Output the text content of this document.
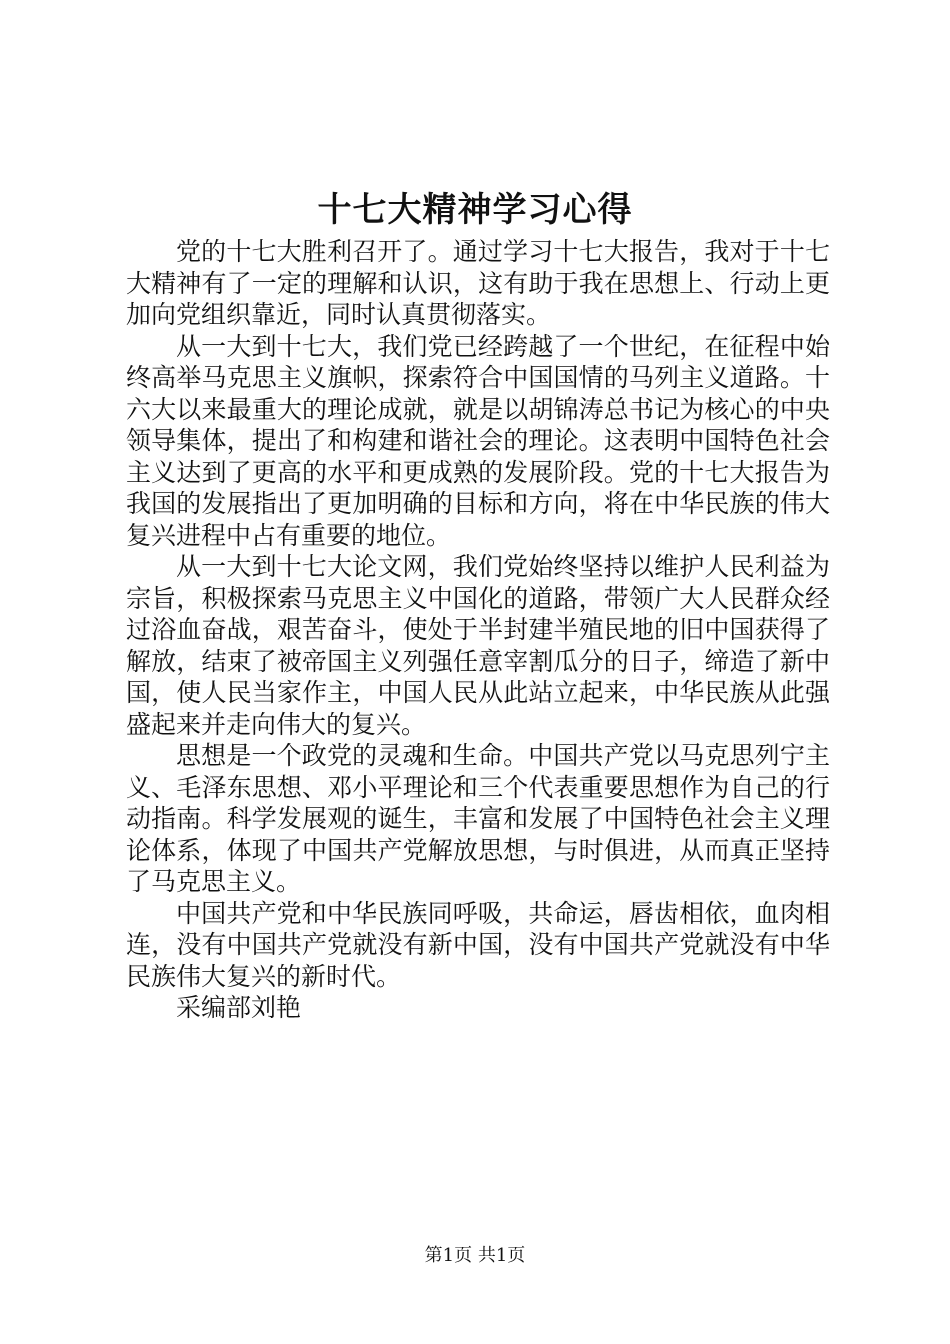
十七大精神学习心得

党的十七大胜利召开了。通过学习十七大报告，我对于十七大精神有了一定的理解和认识，这有助于我在思想上、行动上更加向党组织靠近，同时认真贯彻落实。

从一大到十七大，我们党已经跨越了一个世纪，在征程中始终高举马克思主义旗帜，探索符合中国国情的马列主义道路。十六大以来最重大的理论成就，就是以胡锦涛总书记为核心的中央领导集体，提出了和构建和谐社会的理论。这表明中国特色社会主义达到了更高的水平和更成熟的发展阶段。党的十七大报告为我国的发展指出了更加明确的目标和方向，将在中华民族的伟大复兴进程中占有重要的地位。

从一大到十七大论文网，我们党始终坚持以维护人民利益为宗旨，积极探索马克思主义中国化的道路，带领广大人民群众经过浴血奋战，艰苦奋斗，使处于半封建半殖民地的旧中国获得了解放，结束了被帝国主义列强任意宰割瓜分的日子，缔造了新中国，使人民当家作主，中国人民从此站立起来，中华民族从此强盛起来并走向伟大的复兴。

思想是一个政党的灵魂和生命。中国共产党以马克思列宁主义、毛泽东思想、邓小平理论和三个代表重要思想作为自己的行动指南。科学发展观的诞生，丰富和发展了中国特色社会主义理论体系，体现了中国共产党解放思想，与时俱进，从而真正坚持了马克思主义。

中国共产党和中华民族同呼吸，共命运，唇齿相依，血肉相连，没有中国共产党就没有新中国，没有中国共产党就没有中华民族伟大复兴的新时代。

采编部刘艳

第1页 共1页
